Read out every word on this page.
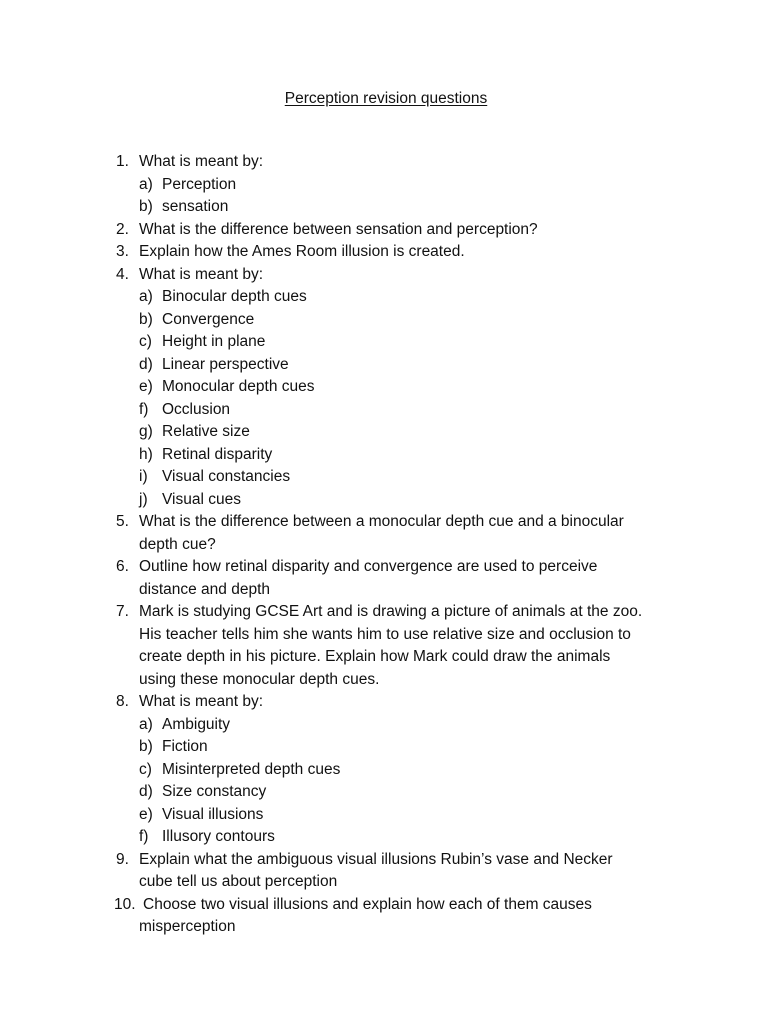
Perception revision questions
1. What is meant by:
a) Perception
b) sensation
2. What is the difference between sensation and perception?
3. Explain how the Ames Room illusion is created.
4. What is meant by:
a) Binocular depth cues
b) Convergence
c) Height in plane
d) Linear perspective
e) Monocular depth cues
f) Occlusion
g) Relative size
h) Retinal disparity
i) Visual constancies
j) Visual cues
5. What is the difference between a monocular depth cue and a binocular
depth cue?
6. Outline how retinal disparity and convergence are used to perceive
distance and depth
7. Mark is studying GCSE Art and is drawing a picture of animals at the zoo.
His teacher tells him she wants him to use relative size and occlusion to
create depth in his picture. Explain how Mark could draw the animals
using these monocular depth cues.
8. What is meant by:
a) Ambiguity
b) Fiction
c) Misinterpreted depth cues
d) Size constancy
e) Visual illusions
f) Illusory contours
9. Explain what the ambiguous visual illusions Rubin’s vase and Necker
cube tell us about perception
10. Choose two visual illusions and explain how each of them causes
misperception
